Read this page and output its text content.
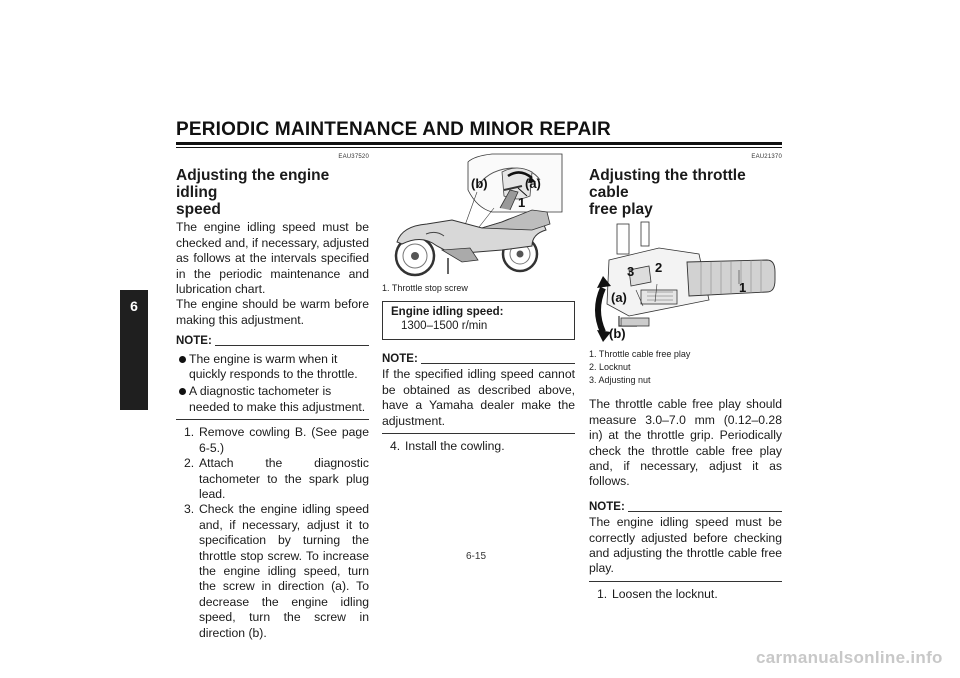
PERIODIC MAINTENANCE AND MINOR REPAIR
6
EAU37520
Adjusting the engine idling
speed

The engine idling speed must be checked and, if necessary, adjusted as follows at the intervals specified in the periodic maintenance and lubrication chart.

The engine should be warm before making this adjustment.

NOTE:
The engine is warm when it quickly responds to the throttle.
A diagnostic tachometer is needed to make this adjustment.
1. Remove cowling B. (See page 6-5.)
2. Attach the diagnostic tachometer to the spark plug lead.
3. Check the engine idling speed and, if necessary, adjust it to specification by turning the throttle stop screw. To increase the engine idling speed, turn the screw in direction (a). To decrease the engine idling speed, turn the screw in direction (b).
(b)	(a)
1
1. Throttle stop screw
Engine idling speed:
1300–1500 r/min
NOTE:

If the specified idling speed cannot be obtained as described above, have a Yamaha dealer make the adjustment.

4. Install the cowling.
EAU21370
Adjusting the throttle cable
free play
3 2
1
(a)
(b)
1. Throttle cable free play
2. Locknut
3. Adjusting nut

The throttle cable free play should measure 3.0–7.0 mm (0.12–0.28 in) at the throttle grip. Periodically check the throttle cable free play and, if necessary, adjust it as follows.

NOTE:

The engine idling speed must be correctly adjusted before checking and adjusting the throttle cable free play.

1. Loosen the locknut.
6-15
carmanualsonline.info
